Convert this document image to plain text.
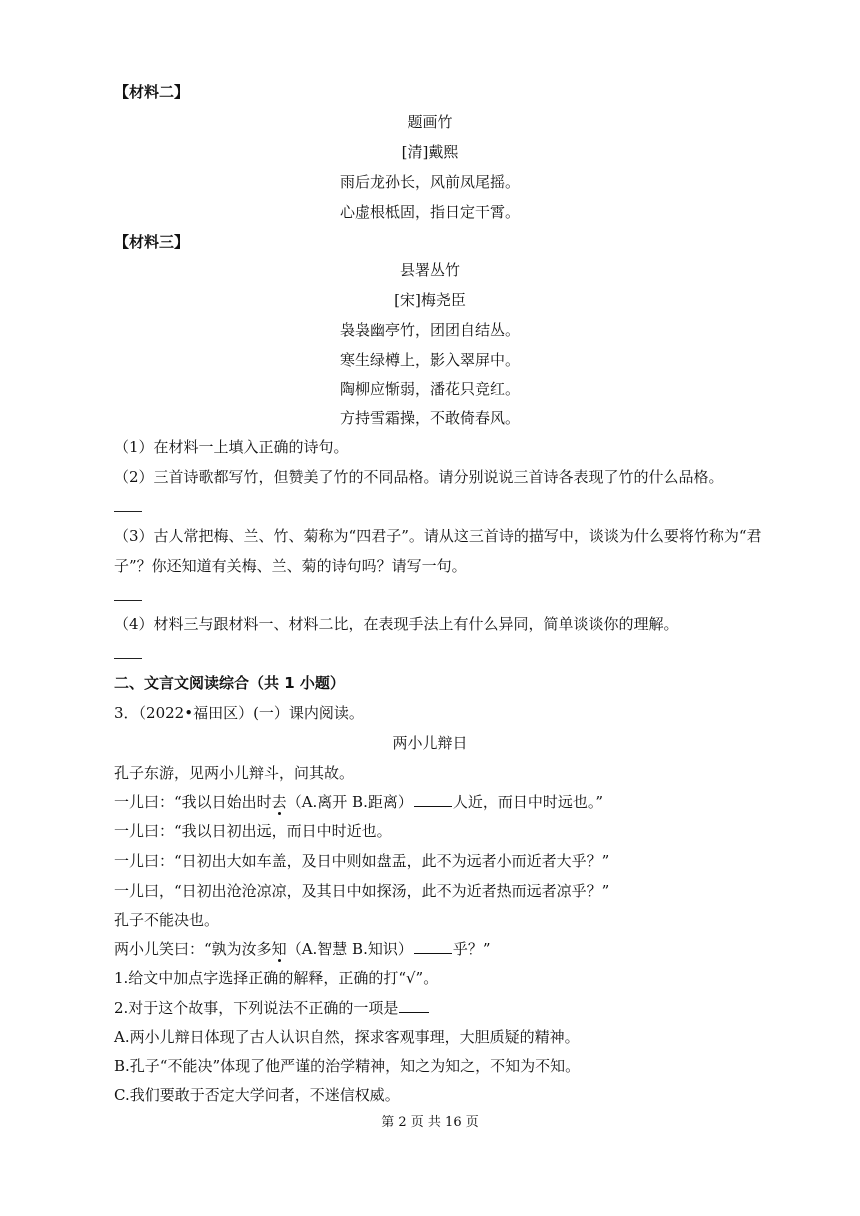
【材料二】
题画竹
[清]戴熙
雨后龙孙长，风前凤尾摇。
心虚根柢固，指日定干霄。
【材料三】
县署丛竹
[宋]梅尧臣
袅袅幽亭竹，团团自结丛。
寒生绿樽上，影入翠屏中。
陶柳应惭弱，潘花只竞红。
方持雪霜操，不敢倚春风。
（1）在材料一上填入正确的诗句。
（2）三首诗歌都写竹，但赞美了竹的不同品格。请分别说说三首诗各表现了竹的什么品格。
（3）古人常把梅、兰、竹、菊称为“四君子”。请从这三首诗的描写中，谈谈为什么要将竹称为“君
子”？你还知道有关梅、兰、菊的诗句吗？请写一句。
（4）材料三与跟材料一、材料二比，在表现手法上有什么异同，简单谈谈你的理解。
二、文言文阅读综合（共 1 小题）
3．（2022•福田区）(一）课内阅读。
两小儿辩日
孔子东游，见两小儿辩斗，问其故。
一儿曰：“我以日始出时去（A.离开 B.距离）	人近，而日中时远也。”
一儿曰：“我以日初出远，而日中时近也。
一儿曰：“日初出大如车盖，及日中则如盘盂，此不为远者小而近者大乎？”
一儿曰，“日初出沧沧凉凉，及其日中如探汤，此不为近者热而远者凉乎？”
孔子不能决也。
两小儿笑曰：“孰为汝多知（A.智慧 B.知识）	乎？”
1.给文中加点字选择正确的解释，正确的打“√”。
2.对于这个故事，下列说法不正确的一项是
A.两小儿辩日体现了古人认识自然，探求客观事理，大胆质疑的精神。
B.孔子“不能决”体现了他严谨的治学精神，知之为知之，不知为不知。
C.我们要敢于否定大学问者，不迷信权威。
第 2 页 共 16 页
